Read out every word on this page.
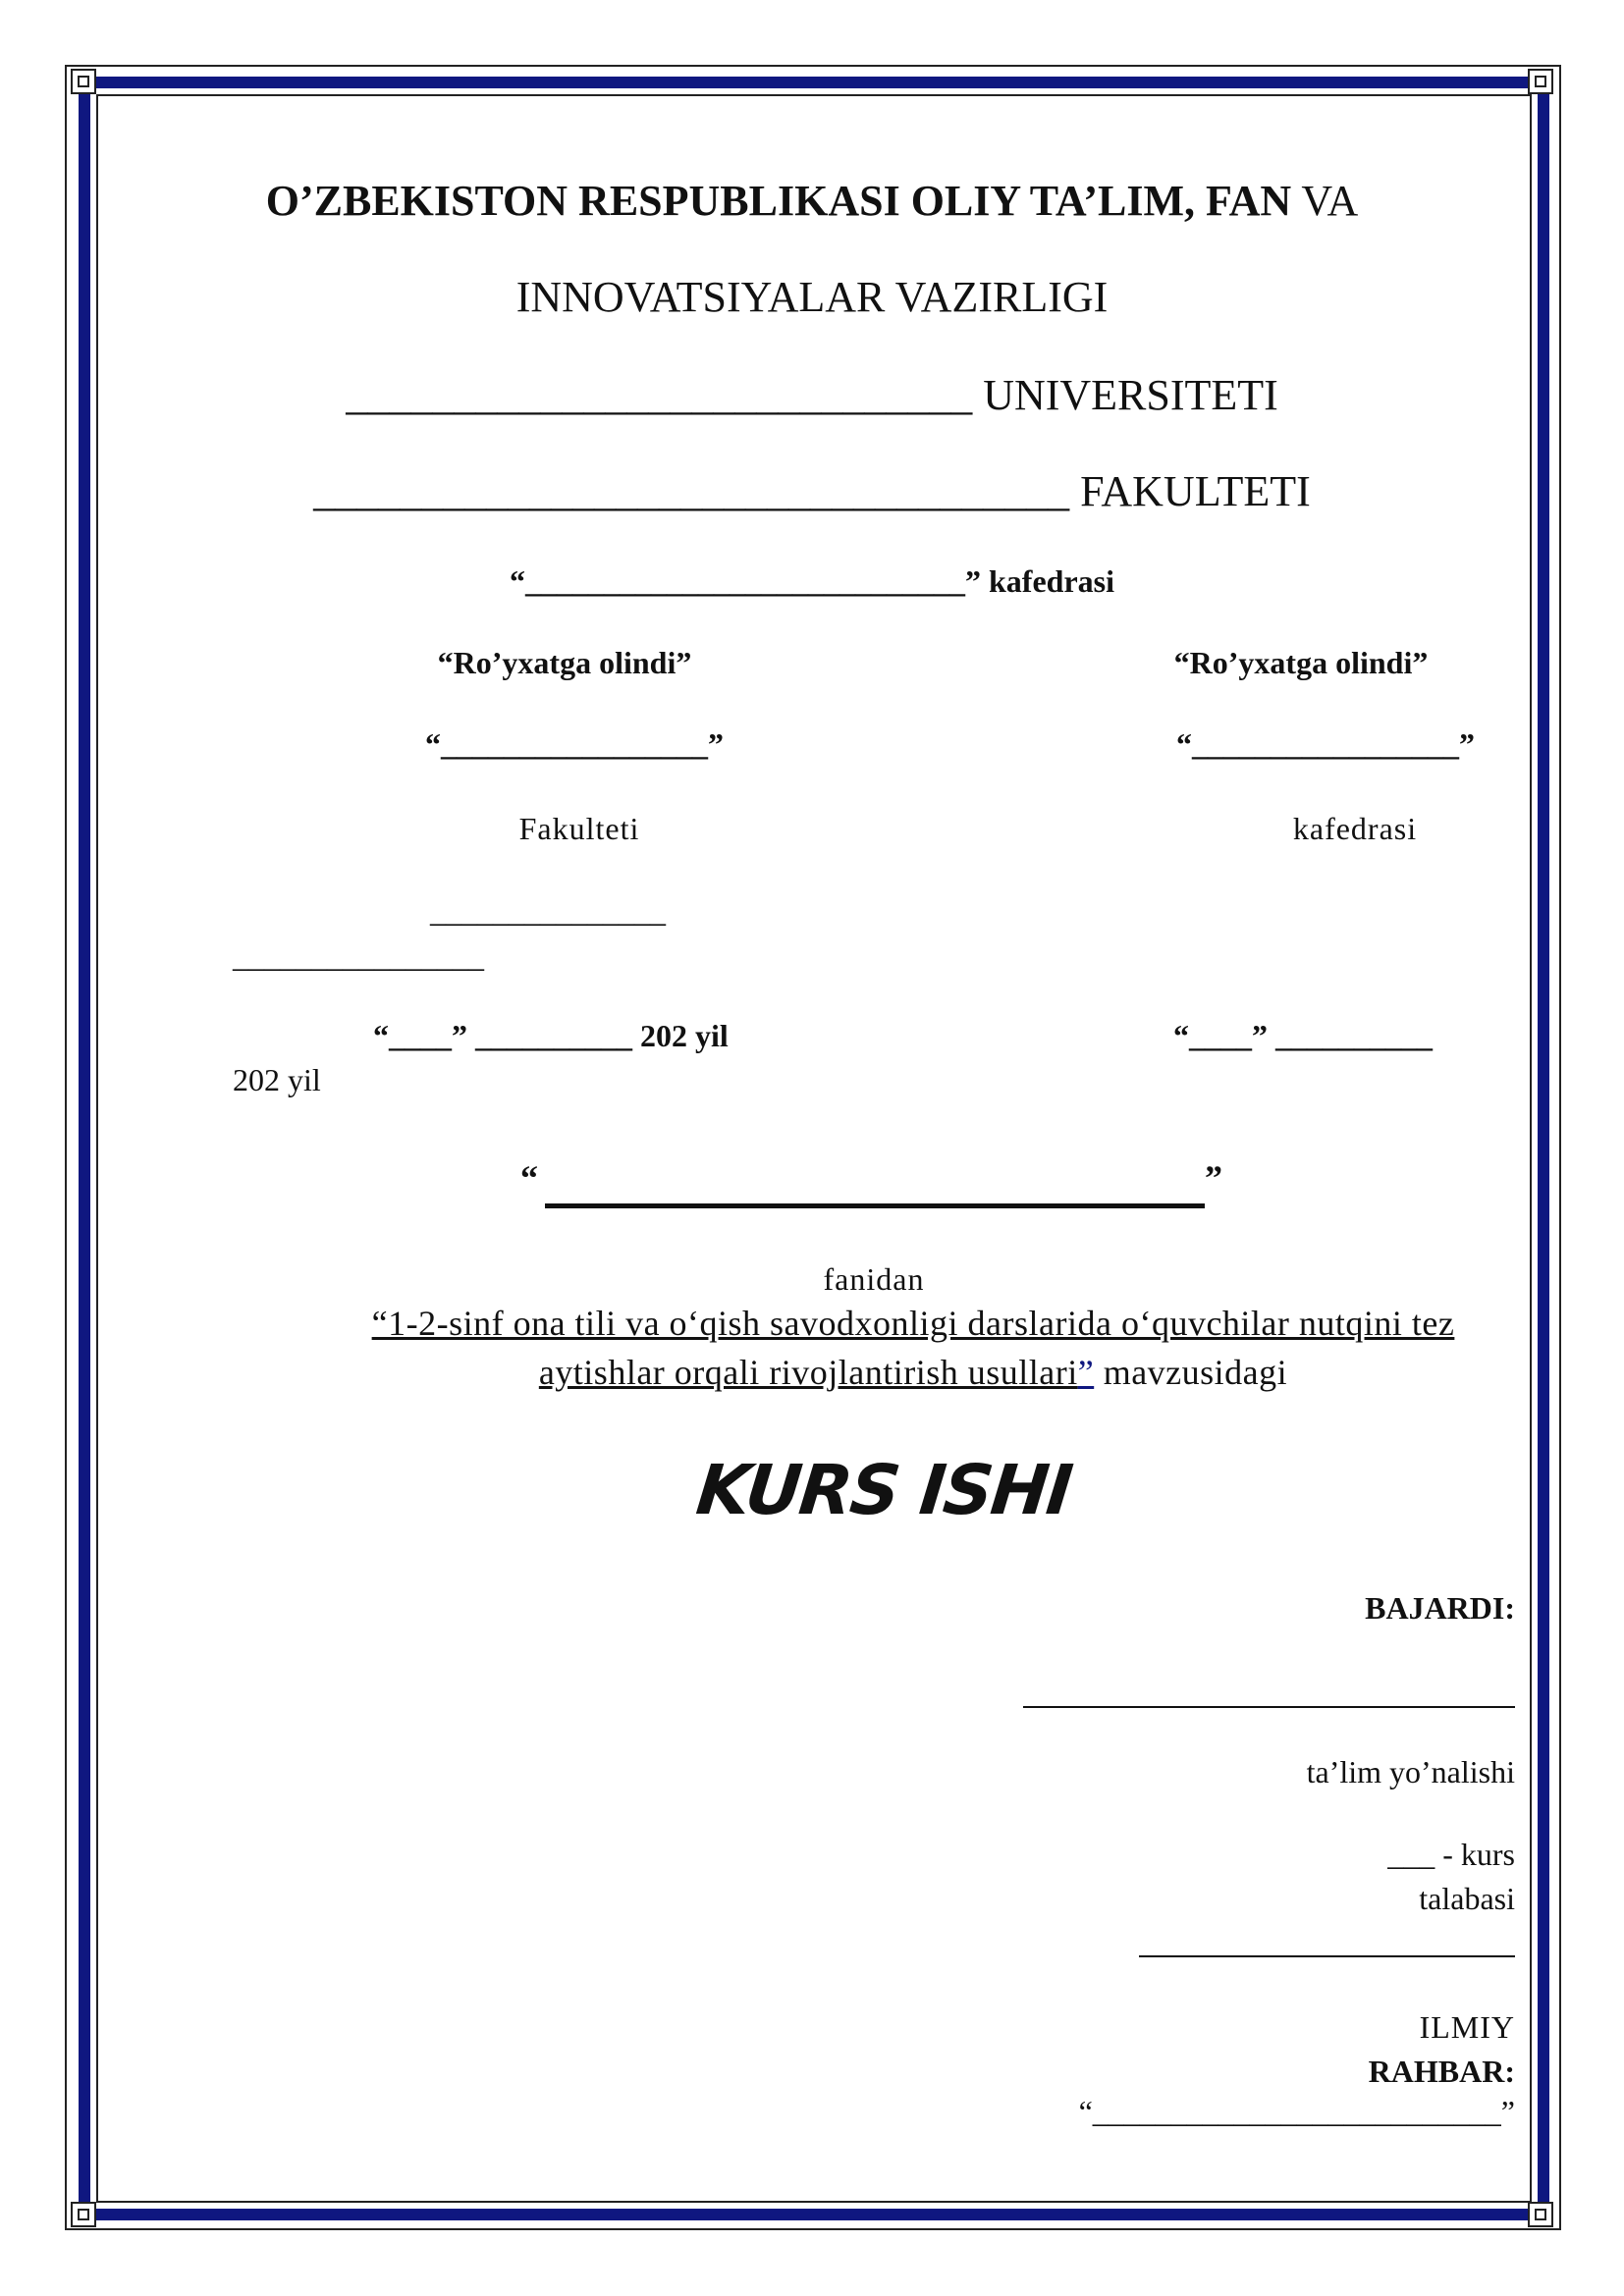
O’ZBEKISTON RESPUBLIKASI OLIY TA’LIM, FAN VA
INNOVATSIYALAR VAZIRLIGI
_____________________________ UNIVERSITETI
___________________________________ FAKULTETI
“____________________________” kafedrasi
“Ro’yxatga olindi”	“Ro’yxatga olindi”
“_________________”	“_________________”
Fakulteti	kafedrasi
_______________
________________
“____” __________ 202 yil	“____” __________
202 yil
“	”
fanidan
“1-2-sinf ona tili va o‘qish savodxonligi darslarida o‘quvchilar nutqini tez
aytishlar orqali rivojlantirish usullari” mavzusidagi
KURS ISHI
BAJARDI:
ta’lim yo’nalishi
___ - kurs
talabasi
ILMIY
RAHBAR:
“__________________________”
